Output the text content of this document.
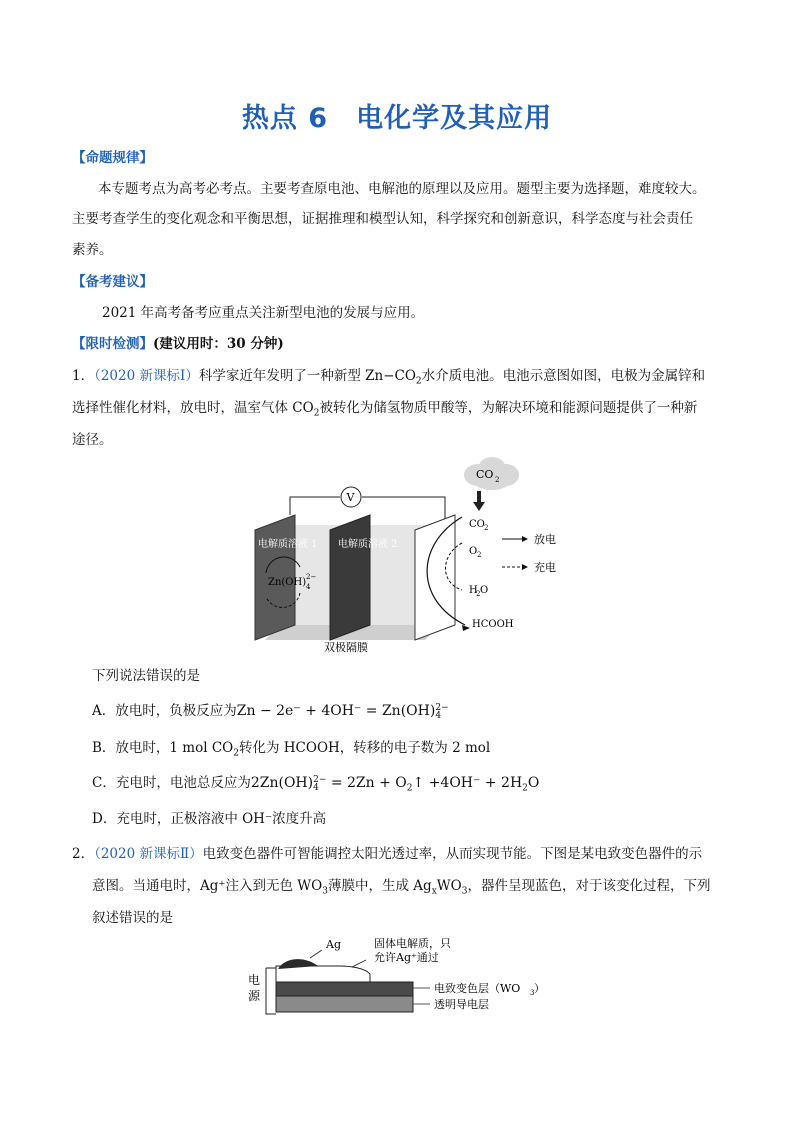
热点 6　电化学及其应用
【命题规律】
本专题考点为高考必考点。主要考查原电池、电解池的原理以及应用。题型主要为选择题，难度较大。
主要考查学生的变化观念和平衡思想，证据推理和模型认知，科学探究和创新意识，科学态度与社会责任
素养。
【备考建议】
2021 年高考备考应重点关注新型电池的发展与应用。
【限时检测】(建议用时：30 分钟)
1．（2020 新课标Ⅰ）科学家近年发明了一种新型 $Zn-CO_2$水介质电池。电池示意图如图，电极为金属锌和
选择性催化材料，放电时，温室气体 $CO_2$被转化为储氢物质甲酸等，为解决环境和能源问题提供了一种新
途径。
CO 2
V
电解质溶液 1 电解质溶液 2
Zn(OH) 4
2−
CO 2
O 2
H
2 O
HCOOH
放电
充电
双极隔膜
下列说法错误的是
A．放电时，负极反应为Zn − 2e⁻ + 4OH⁻ = Zn(OH) 2−
4
B．放电时，1 mol $CO_2$转化为 HCOOH，转移的电子数为 2 mol
C．充电时，电池总反应为2Zn(OH) 2−
$4 = 2Zn + O_2↑ +4OH^- + 2H_2O$
D．充电时，正极溶液中 OH⁻浓度升高
2．（2020 新课标Ⅱ）电致变色器件可智能调控太阳光透过率，从而实现节能。下图是某电致变色器件的示
意图。当通电时，Ag⁺注入到无色 $WO_3$薄膜中，生成 $Ag_xWO_3$，器件呈现蓝色，对于该变化过程，下列
叙述错误的是
电
源
Ag	固体电解质，只
允许Ag⁺通过
电致变色层（WO 3 ）
透明导电层
